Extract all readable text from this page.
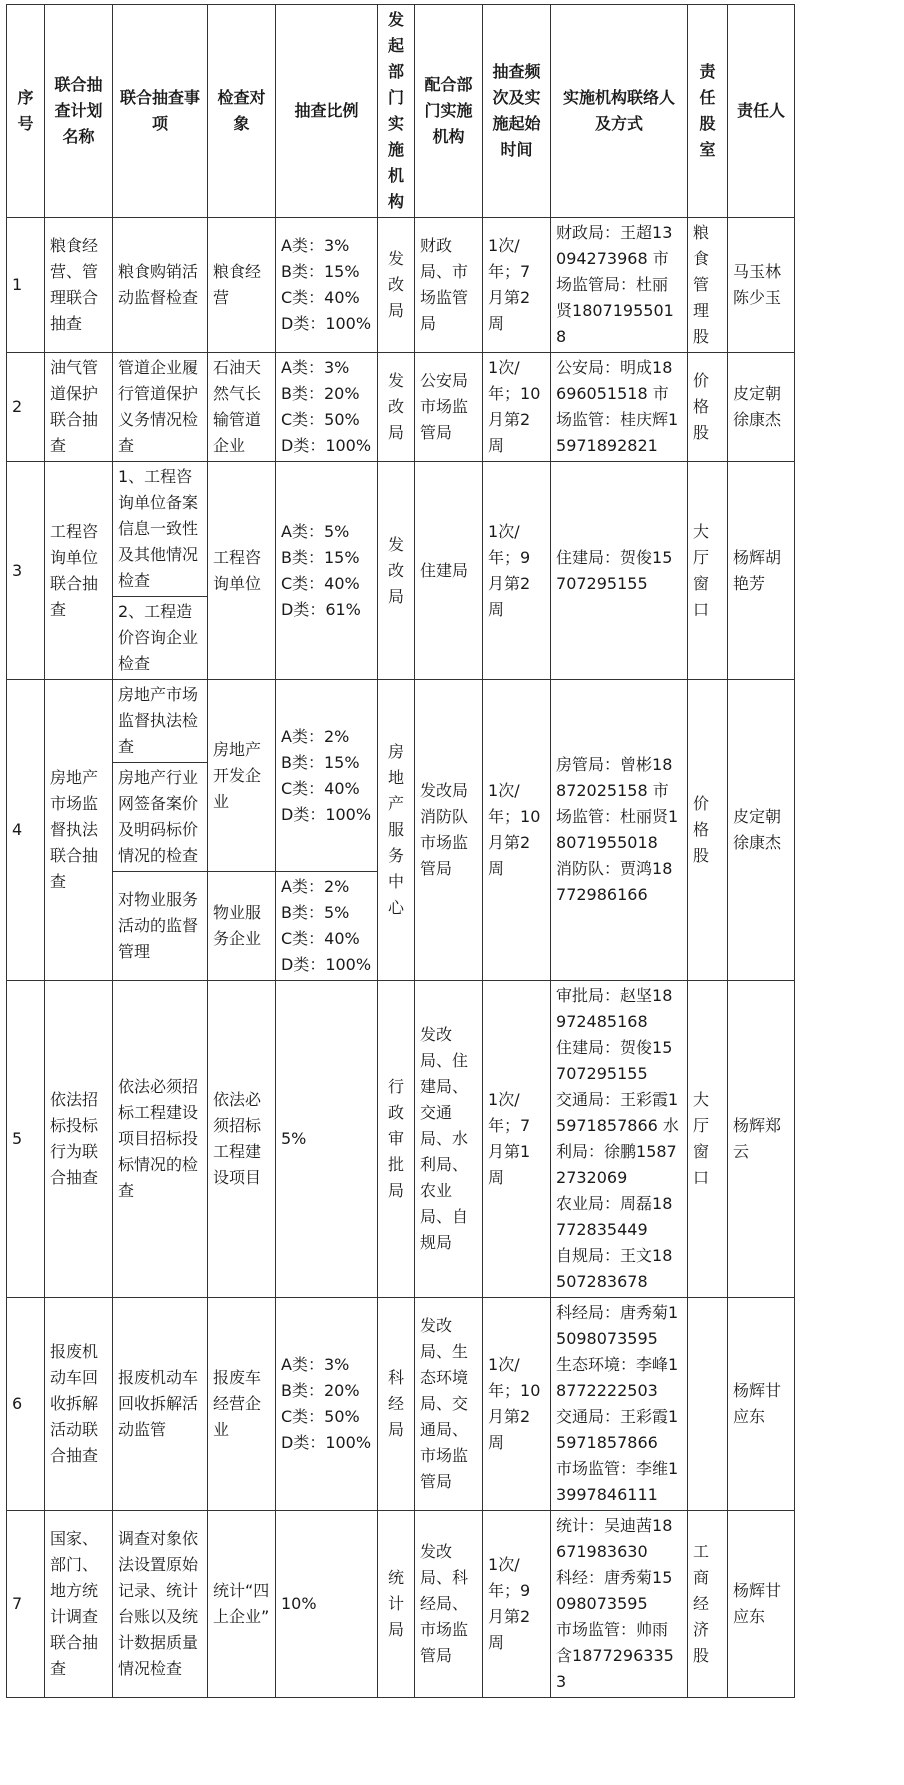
序号	联合抽查计划名称	联合抽查事项	检查对象	抽查比例	发起部门实施机构	配合部门实施机构	抽查频次及实施起始时间	实施机构联络人及方式	责任股室	责任人
1	粮食经营、管理联合抽查	粮食购销活动监督检查	粮食经营	A类：3%
B类：15%
C类：40%
D类：100%	发改局	财政局、市场监管局	1次/年；7月第2周	财政局：王超13094273968 市场监管局：杜丽贤18071955018	粮食管理股	马玉林陈少玉
2	油气管道保护联合抽查	管道企业履行管道保护义务情况检查	石油天然气长输管道企业	A类：3%
B类：20%
C类：50%
D类：100%	发改局	公安局市场监管局	1次/年；10月第2周	公安局：明成18696051518 市场监管：桂庆辉15971892821	价格股	皮定朝徐康杰
3	工程咨询单位联合抽查	1、工程咨询单位备案信息一致性及其他情况检查	工程咨询单位	A类：5%
B类：15%
C类：40%
D类：61%	发改局	住建局	1次/年；9月第2周	住建局：贺俊15707295155	大厅窗口	杨辉胡艳芳
		2、工程造价咨询企业检查								
4	房地产市场监督执法联合抽查	房地产市场监督执法检查	房地产开发企业	A类：2%
B类：15%
C类：40%
D类：100%	房地产服务中心	发改局 消防队 市场监管局	1次/年；10月第2周	房管局：曾彬18872025158 市场监管：杜丽贤18071955018
消防队：贾鸿18772986166	价格股	皮定朝徐康杰
		房地产行业网签备案价及明码标价情况的检查								
		对物业服务活动的监督管理	物业服务企业	A类：2%
B类：5%
C类：40%
D类：100%						
5	依法招标投标行为联合抽查	依法必须招标工程建设项目招标投标情况的检查	依法必须招标工程建设项目	5%	行政审批局	发改局、住建局、交通局、水利局、农业局、自规局	1次/年；7月第1周	审批局：赵坚18972485168
住建局：贺俊15707295155
交通局：王彩霞15971857866 水利局：徐鹏15872732069
农业局：周磊18772835449
自规局：王文18507283678	大厅窗口	杨辉郑云
6	报废机动车回收拆解活动联合抽查	报废机动车回收拆解活动监管	报废车经营企业	A类：3%
B类：20%
C类：50%
D类：100%	科经局	发改局、生态环境局、交通局、市场监管局	1次/年；10月第2周	科经局：唐秀菊15098073595
生态环境：李峰18772222503
交通局：王彩霞15971857866
市场监管：李维13997846111		杨辉甘应东
7	国家、部门、地方统计调查联合抽查	调查对象依法设置原始记录、统计台账以及统计数据质量情况检查	统计“四上企业”	10%	统计局	发改局、科经局、市场监管局	1次/年；9月第2周	统计：吴迪茜18671983630
科经：唐秀菊15098073595
市场监管：帅雨含18772963353	工商经济股	杨辉甘应东
